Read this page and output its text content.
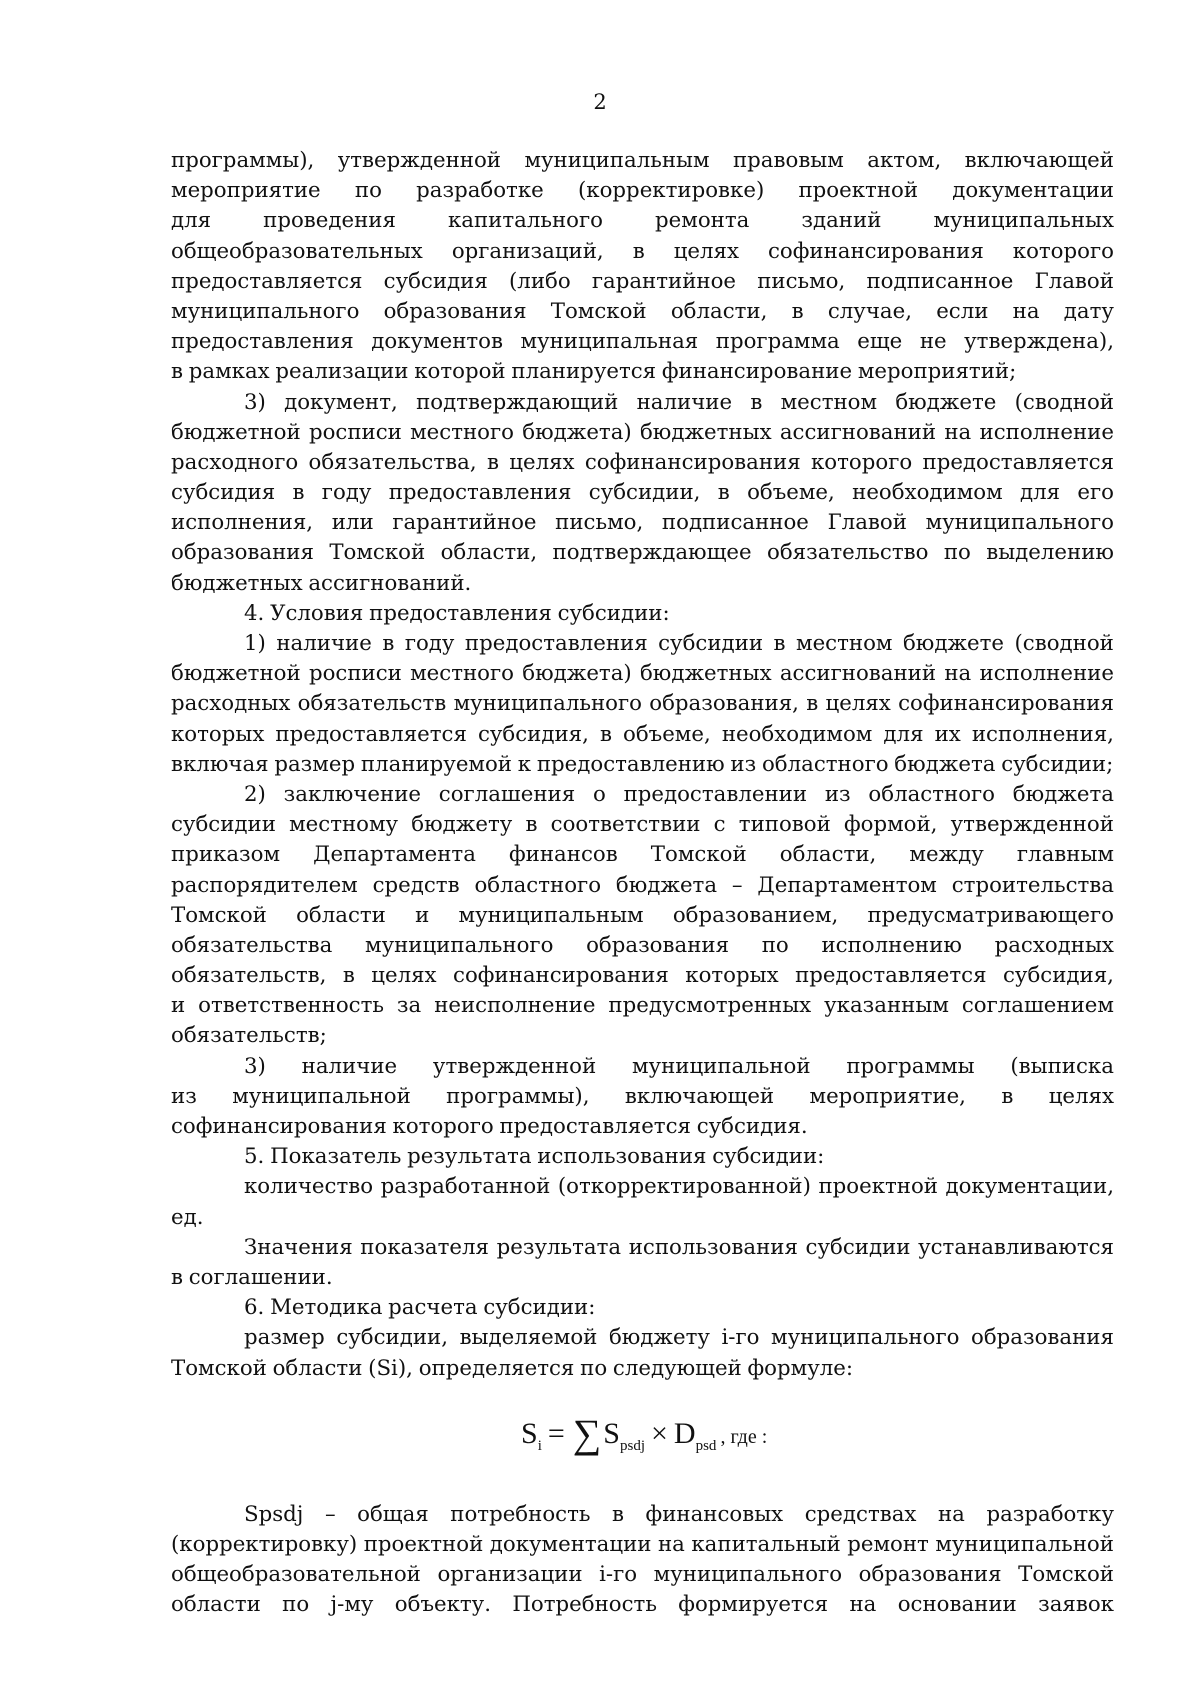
2
программы), утвержденной муниципальным правовым актом, включающей
мероприятие по разработке (корректировке) проектной документации
для проведения капитального ремонта зданий муниципальных
общеобразовательных организаций, в целях софинансирования которого
предоставляется субсидия (либо гарантийное письмо, подписанное Главой
муниципального образования Томской области, в случае, если на дату
предоставления документов муниципальная программа еще не утверждена),
в рамках реализации которой планируется финансирование мероприятий;
3) документ, подтверждающий наличие в местном бюджете (сводной
бюджетной росписи местного бюджета) бюджетных ассигнований на исполнение
расходного обязательства, в целях софинансирования которого предоставляется
субсидия в году предоставления субсидии, в объеме, необходимом для его
исполнения, или гарантийное письмо, подписанное Главой муниципального
образования Томской области, подтверждающее обязательство по выделению
бюджетных ассигнований.
4. Условия предоставления субсидии:
1) наличие в году предоставления субсидии в местном бюджете (сводной
бюджетной росписи местного бюджета) бюджетных ассигнований на исполнение
расходных обязательств муниципального образования, в целях софинансирования
которых предоставляется субсидия, в объеме, необходимом для их исполнения,
включая размер планируемой к предоставлению из областного бюджета субсидии;
2) заключение соглашения о предоставлении из областного бюджета
субсидии местному бюджету в соответствии с типовой формой, утвержденной
приказом Департамента финансов Томской области, между главным
распорядителем средств областного бюджета – Департаментом строительства
Томской области и муниципальным образованием, предусматривающего
обязательства муниципального образования по исполнению расходных
обязательств, в целях софинансирования которых предоставляется субсидия,
и ответственность за неисполнение предусмотренных указанным соглашением
обязательств;
3) наличие утвержденной муниципальной программы (выписка
из муниципальной программы), включающей мероприятие, в целях
софинансирования которого предоставляется субсидия.
5. Показатель результата использования субсидии:
количество разработанной (откорректированной) проектной документации,
ед.
Значения показателя результата использования субсидии устанавливаются
в соглашении.
6. Методика расчета субсидии:
размер субсидии, выделяемой бюджету i-го муниципального образования
Томской области (Si), определяется по следующей формуле:
$S_i = \sum S_{psdj} \times D_{psd}$ , где :
Spsdj – общая потребность в финансовых средствах на разработку
(корректировку) проектной документации на капитальный ремонт муниципальной
общеобразовательной организации i-го муниципального образования Томской
области по j-му объекту. Потребность формируется на основании заявок
